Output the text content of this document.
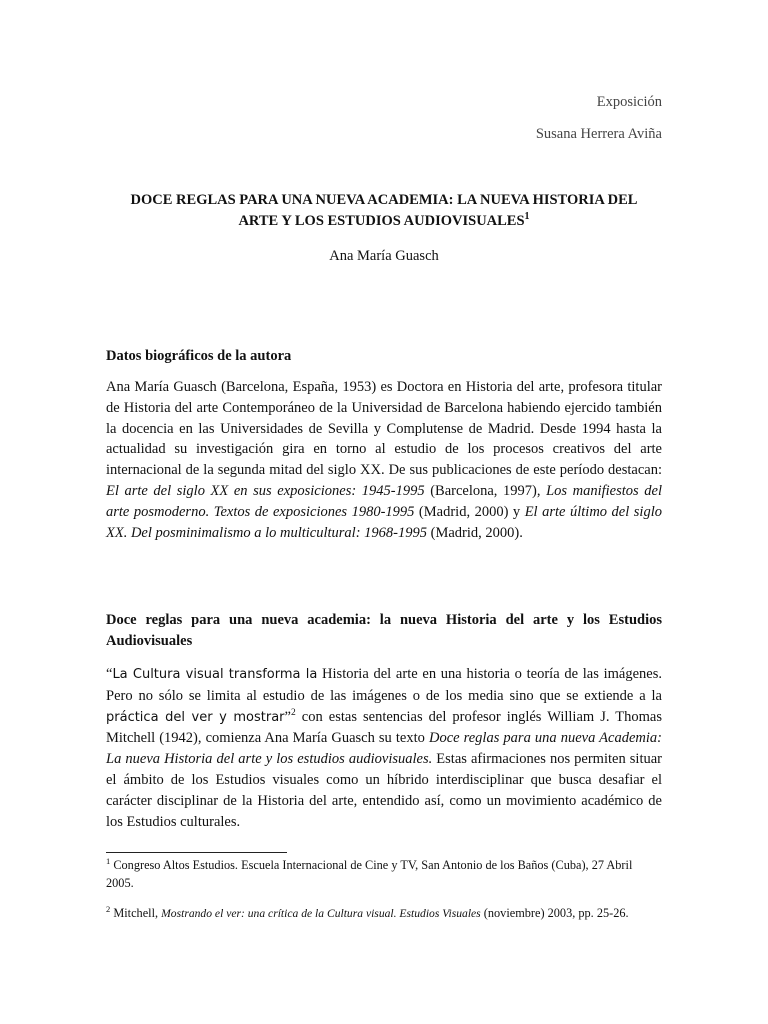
Exposición
Susana Herrera Aviña
DOCE REGLAS PARA UNA NUEVA ACADEMIA: LA NUEVA HISTORIA DEL
ARTE Y LOS ESTUDIOS AUDIOVISUALES$^1$

Ana María Guasch

Datos biográficos de la autora

Ana María Guasch (Barcelona, España, 1953) es Doctora en Historia del arte, profesora titular de Historia del arte Contemporáneo de la Universidad de Barcelona habiendo ejercido también la docencia en las Universidades de Sevilla y Complutense de Madrid. Desde 1994 hasta la actualidad su investigación gira en torno al estudio de los procesos creativos del arte internacional de la segunda mitad del siglo XX. De sus publicaciones de este período destacan: El arte del siglo XX en sus exposiciones: 1945-1995 (Barcelona, 1997), Los manifiestos del arte posmoderno. Textos de exposiciones 1980-1995 (Madrid, 2000) y El arte último del siglo XX. Del posminimalismo a lo multicultural: 1968-1995 (Madrid, 2000).

Doce reglas para una nueva academia: la nueva Historia del arte y los Estudios Audiovisuales

“La Cultura visual transforma la Historia del arte en una historia o teoría de las imágenes. Pero no sólo se limita al estudio de las imágenes o de los media sino que se extiende a la práctica del ver y mostrar”$^2$ con estas sentencias del profesor inglés William J. Thomas Mitchell (1942), comienza Ana María Guasch su texto Doce reglas para una nueva Academia: La nueva Historia del arte y los estudios audiovisuales. Estas afirmaciones nos permiten situar el ámbito de los Estudios visuales como un híbrido interdisciplinar que busca desafiar el carácter disciplinar de la Historia del arte, entendido así, como un movimiento académico de los Estudios culturales.

$^1$ Congreso Altos Estudios. Escuela Internacional de Cine y TV, San Antonio de los Baños (Cuba), 27 Abril 2005.

$^2$ Mitchell, Mostrando el ver: una crítica de la Cultura visual. Estudios Visuales (noviembre) 2003, pp. 25-26.
